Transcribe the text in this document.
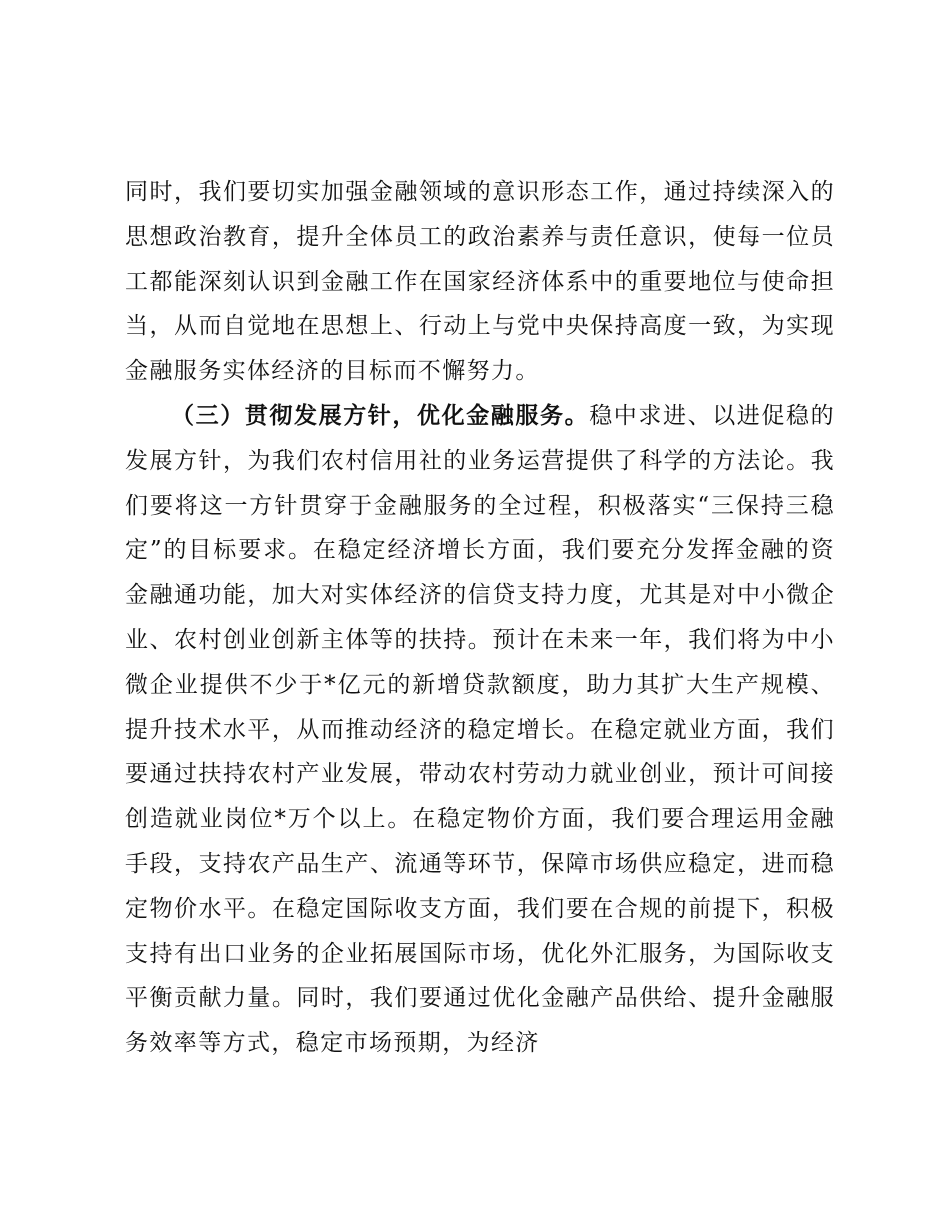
同时，我们要切实加强金融领域的意识形态工作，通过持续深入的思想政治教育，提升全体员工的政治素养与责任意识，使每一位员工都能深刻认识到金融工作在国家经济体系中的重要地位与使命担当，从而自觉地在思想上、行动上与党中央保持高度一致，为实现金融服务实体经济的目标而不懈努力。

（三）贯彻发展方针，优化金融服务。稳中求进、以进促稳的发展方针，为我们农村信用社的业务运营提供了科学的方法论。我们要将这一方针贯穿于金融服务的全过程，积极落实“三保持三稳定”的目标要求。在稳定经济增长方面，我们要充分发挥金融的资金融通功能，加大对实体经济的信贷支持力度，尤其是对中小微企业、农村创业创新主体等的扶持。预计在未来一年，我们将为中小微企业提供不少于*亿元的新增贷款额度，助力其扩大生产规模、提升技术水平，从而推动经济的稳定增长。在稳定就业方面，我们要通过扶持农村产业发展，带动农村劳动力就业创业，预计可间接创造就业岗位*万个以上。在稳定物价方面，我们要合理运用金融手段，支持农产品生产、流通等环节，保障市场供应稳定，进而稳定物价水平。在稳定国际收支方面，我们要在合规的前提下，积极支持有出口业务的企业拓展国际市场，优化外汇服务，为国际收支平衡贡献力量。同时，我们要通过优化金融产品供给、提升金融服务效率等方式，稳定市场预期，为经济
